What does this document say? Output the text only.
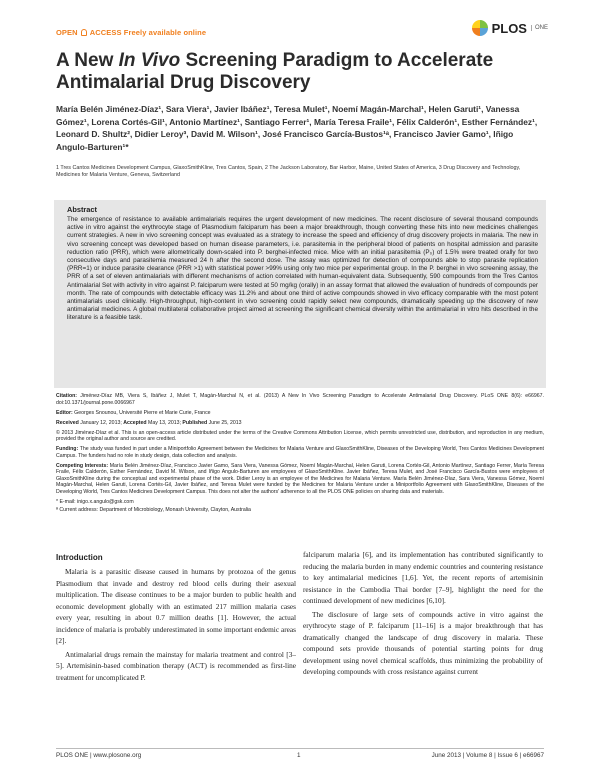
OPEN ACCESS Freely available online	PLOS	ONE
A New In Vivo Screening Paradigm to Accelerate Antimalarial Drug Discovery
María Belén Jiménez-Díaz¹, Sara Viera¹, Javier Ibáñez¹, Teresa Mulet¹, Noemí Magán-Marchal¹, Helen Garuti¹, Vanessa Gómez¹, Lorena Cortés-Gil¹, Antonio Martínez¹, Santiago Ferrer¹, María Teresa Fraile¹, Félix Calderón¹, Esther Fernández¹, Leonard D. Shultz², Didier Leroy³, David M. Wilson¹, José Francisco García-Bustos¹ᵃ, Francisco Javier Gamo¹, Iñigo Angulo-Barturen¹*
1 Tres Cantos Medicines Development Campus, GlaxoSmithKline, Tres Cantos, Spain, 2 The Jackson Laboratory, Bar Harbor, Maine, United States of America, 3 Drug Discovery and Technology, Medicines for Malaria Venture, Geneva, Switzerland
Abstract
The emergence of resistance to available antimalarials requires the urgent development of new medicines. The recent disclosure of several thousand compounds active in vitro against the erythrocyte stage of Plasmodium falciparum has been a major breakthrough, though converting these hits into new medicines challenges current strategies. A new in vivo screening concept was evaluated as a strategy to increase the speed and efficiency of drug discovery projects in malaria. The new in vivo screening concept was developed based on human disease parameters, i.e. parasitemia in the peripheral blood of patients on hospital admission and parasite reduction ratio (PRR), which were allometrically down-scaled into P. berghei-infected mice. Mice with an initial parasitemia (P₀) of 1.5% were treated orally for two consecutive days and parasitemia measured 24 h after the second dose. The assay was optimized for detection of compounds able to stop parasite replication (PRR=1) or induce parasite clearance (PRR >1) with statistical power >99% using only two mice per experimental group. In the P. berghei in vivo screening assay, the PRR of a set of eleven antimalarials with different mechanisms of action correlated with human-equivalent data. Subsequently, 590 compounds from the Tres Cantos Antimalarial Set with activity in vitro against P. falciparum were tested at 50 mg/kg (orally) in an assay format that allowed the evaluation of hundreds of compounds per month. The rate of compounds with detectable efficacy was 11.2% and about one third of active compounds showed in vivo efficacy comparable with the most potent antimalarials used clinically. High-throughput, high-content in vivo screening could rapidly select new compounds, dramatically speeding up the discovery of new antimalarial medicines. A global multilateral collaborative project aimed at screening the significant chemical diversity within the antimalarial in vitro hits described in the literature is a feasible task.

Citation: Jiménez-Díaz MB, Viera S, Ibáñez J, Mulet T, Magán-Marchal N, et al. (2013) A New In Vivo Screening Paradigm to Accelerate Antimalarial Drug Discovery. PLoS ONE 8(6): e66967. doi:10.1371/journal.pone.0066967

Editor: Georges Snounou, Université Pierre et Marie Curie, France

Received January 12, 2013; Accepted May 13, 2013; Published June 25, 2013

© 2013 Jiménez-Díaz et al. This is an open-access article distributed under the terms of the Creative Commons Attribution License, which permits unrestricted use, distribution, and reproduction in any medium, provided the original author and source are credited.

Funding: The study was funded in part under a Miniportfolio Agreement between the Medicines for Malaria Venture and GlaxoSmithKline, Diseases of the Developing World, Tres Cantos Medicines Development Campus. The funders had no role in study design, data collection and analysis.

Competing Interests: María Belén Jiménez-Díaz, Francisco Javier Gamo, Sara Viera, Vanessa Gómez, Noemí Magán-Marchal, Helen Garuti, Lorena Cortés-Gil, Antonio Martínez, Santiago Ferrer, María Teresa Fraile, Félix Calderón, Esther Fernández, David M. Wilson, and Iñigo Angulo-Barturen are employees of GlaxoSmithKline. Javier Ibáñez, Teresa Mulet, and José Francisco García-Bustos were employees of GlaxoSmithKline during the conceptual and experimental phase of the work. Didier Leroy is an employee of the Medicines for Malaria Venture. María Belén Jiménez-Díaz, Sara Viera, Vanessa Gómez, Noemí Magán-Marchal, Helen Garuti, Lorena Cortés-Gil, Javier Ibáñez, and Teresa Mulet were funded by the Medicines for Malaria Venture under a Miniportfolio Agreement with GlaxoSmithKline, Diseases of the Developing World, Tres Cantos Medicines Development Campus. This does not alter the authors' adherence to all the PLOS ONE policies on sharing data and materials.

* E-mail: inigo.x.angulo@gsk.com

ª Current address: Department of Microbiology, Monash University, Clayton, Australia

Introduction

Malaria is a parasitic disease caused in humans by protozoa of the genus Plasmodium that invade and destroy red blood cells during their asexual multiplication. The disease continues to be a major burden to public health and economic development globally with an estimated 217 million malaria cases every year, resulting in about 0.7 million deaths [1]. However, the actual incidence of malaria is probably underestimated in some important endemic areas [2].

Antimalarial drugs remain the mainstay for malaria treatment and control [3–5]. Artemisinin-based combination therapy (ACT) is recommended as first-line treatment for uncomplicated P.

falciparum malaria [6], and its implementation has contributed significantly to reducing the malaria burden in many endemic countries and countering resistance to key antimalarial medicines [1,6]. Yet, the recent reports of artemisinin resistance in the Cambodia Thai border [7–9], highlight the need for the continued development of new medicines [6,10].

The disclosure of large sets of compounds active in vitro against the erythrocyte stage of P. falciparum [11–16] is a major breakthrough that has dramatically changed the landscape of drug discovery in malaria. These compound sets provide thousands of potential starting points for drug development using novel chemical scaffolds, thus minimizing the probability of developing compounds with cross resistance against current

PLOS ONE | www.plosone.org	1	June 2013 | Volume 8 | Issue 6 | e66967
